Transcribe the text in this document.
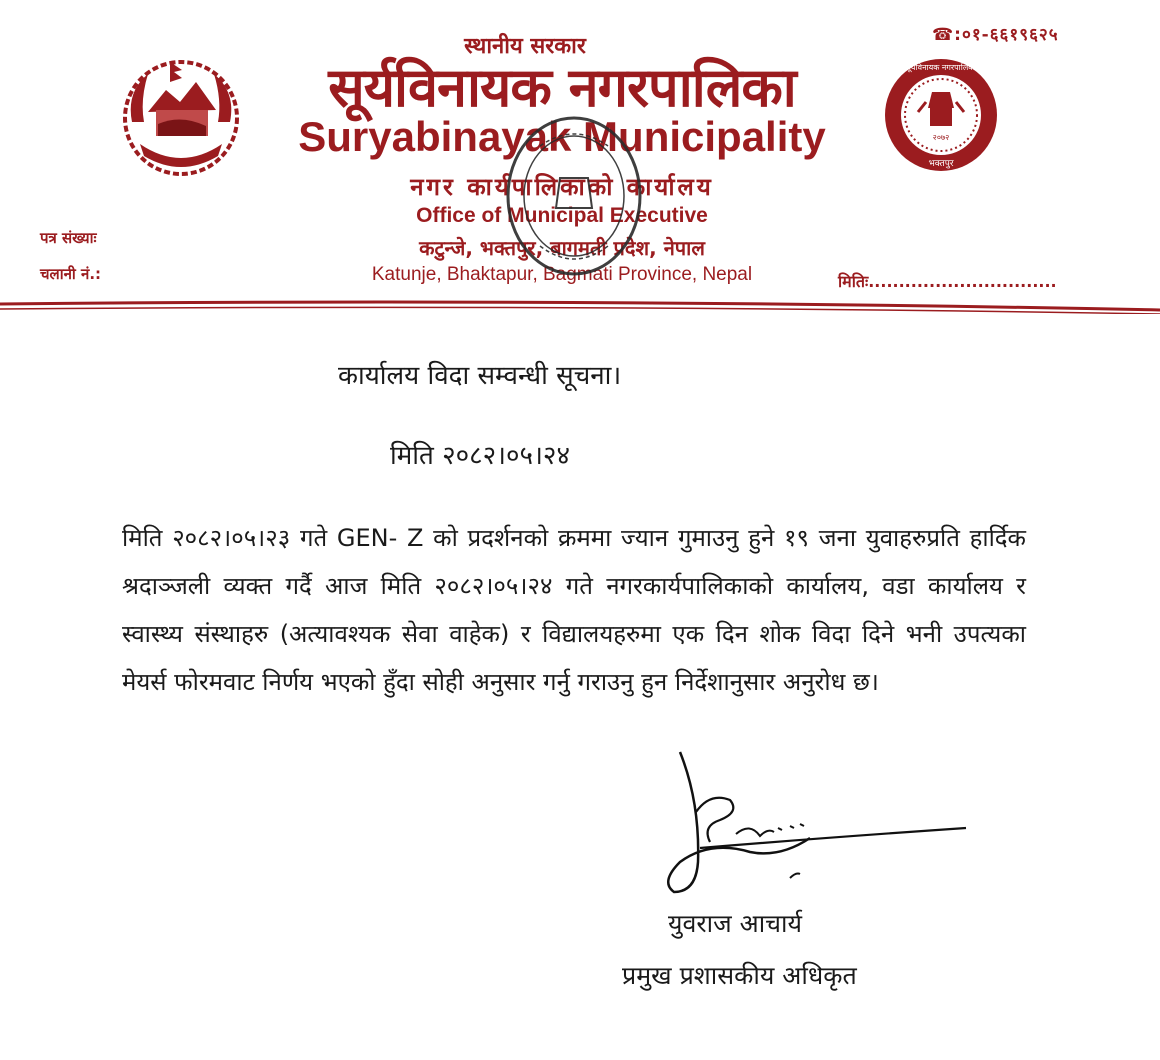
☎:०१-६६१९६२५
स्थानीय सरकार
सूर्यविनायक नगरपालिका
Suryabinayak Municipality
नगर कार्यपालिकाको कार्यालय
Office of Municipal Executive
कटुन्जे, भक्तपुर, बागमती प्रदेश, नेपाल
Katunje, Bhaktapur, Bagmati Province, Nepal
२०७२
भक्तपुर
सूर्यविनायक नगरपालिका
पत्र संख्याः
चलानी नं.:	मितिः...............................
कार्यालय विदा सम्वन्धी सूचना।
मिति २०८२।०५।२४
मिति २०८२।०५।२३ गते GEN- Z को प्रदर्शनको क्रममा ज्यान गुमाउनु हुने १९ जना युवाहरुप्रति हार्दिक श्रदाञ्जली व्यक्त गर्दै आज मिति २०८२।०५।२४ गते नगरकार्यपालिकाको कार्यालय, वडा कार्यालय र स्वास्थ्य संस्थाहरु (अत्यावश्यक सेवा वाहेक) र विद्यालयहरुमा एक दिन शोक विदा दिने भनी उपत्यका मेयर्स फोरमवाट निर्णय भएको हुँदा सोही अनुसार गर्नु गराउनु हुन निर्देशानुसार अनुरोध छ।
युवराज आचार्य
प्रमुख प्रशासकीय अधिकृत
